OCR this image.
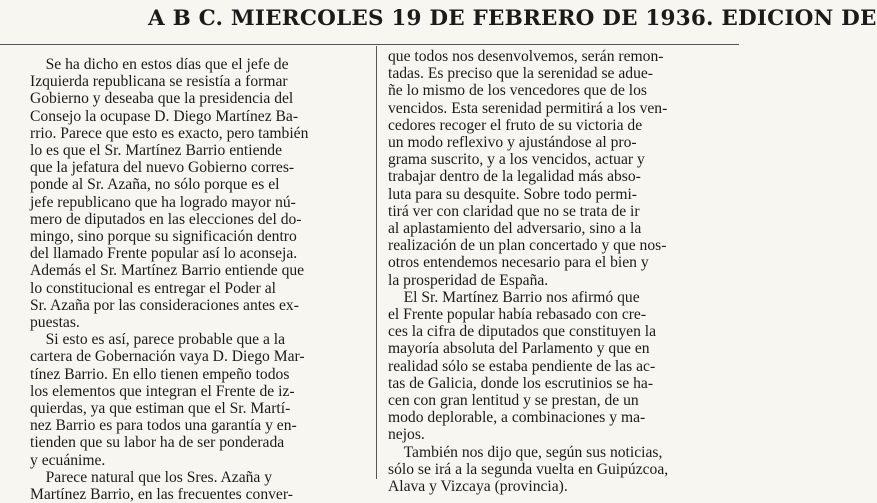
A B C. MIERCOLES 19 DE FEBRERO DE 1936. EDICION DE
 Se ha dicho en estos días que el jefe de
Izquierda republicana se resistía a formar
Gobierno y deseaba que la presidencia del
Consejo la ocupase D. Diego Martínez Ba-
rrio. Parece que esto es exacto, pero también
lo es que el Sr. Martínez Barrio entiende
que la jefatura del nuevo Gobierno corres-
ponde al Sr. Azaña, no sólo porque es el
jefe republicano que ha logrado mayor nú-
mero de diputados en las elecciones del do-
mingo, sino porque su significación dentro
del llamado Frente popular así lo aconseja.
Además el Sr. Martínez Barrio entiende que
lo constitucional es entregar el Poder al
Sr. Azaña por las consideraciones antes ex-
puestas.
 Si esto es así, parece probable que a la
cartera de Gobernación vaya D. Diego Mar-
tínez Barrio. En ello tienen empeño todos
los elementos que integran el Frente de iz-
quierdas, ya que estiman que el Sr. Martí-
nez Barrio es para todos una garantía y en-
tienden que su labor ha de ser ponderada
y ecuánime.
 Parece natural que los Sres. Azaña y
Martínez Barrio, en las frecuentes conver-
que todos nos desenvolvemos, serán remon-
tadas. Es preciso que la serenidad se adue-
ñe lo mismo de los vencedores que de los
vencidos. Esta serenidad permitirá a los ven-
cedores recoger el fruto de su victoria de
un modo reflexivo y ajustándose al pro-
grama suscrito, y a los vencidos, actuar y
trabajar dentro de la legalidad más abso-
luta para su desquite. Sobre todo permi-
tirá ver con claridad que no se trata de ir
al aplastamiento del adversario, sino a la
realización de un plan concertado y que nos-
otros entendemos necesario para el bien y
la prosperidad de España.
 El Sr. Martínez Barrio nos afirmó que
el Frente popular había rebasado con cre-
ces la cifra de diputados que constituyen la
mayoría absoluta del Parlamento y que en
realidad sólo se estaba pendiente de las ac-
tas de Galicia, donde los escrutinios se ha-
cen con gran lentitud y se prestan, de un
modo deplorable, a combinaciones y ma-
nejos.
 También nos dijo que, según sus noticias,
sólo se irá a la segunda vuelta en Guipúzcoa,
Alava y Vizcaya (provincia).
